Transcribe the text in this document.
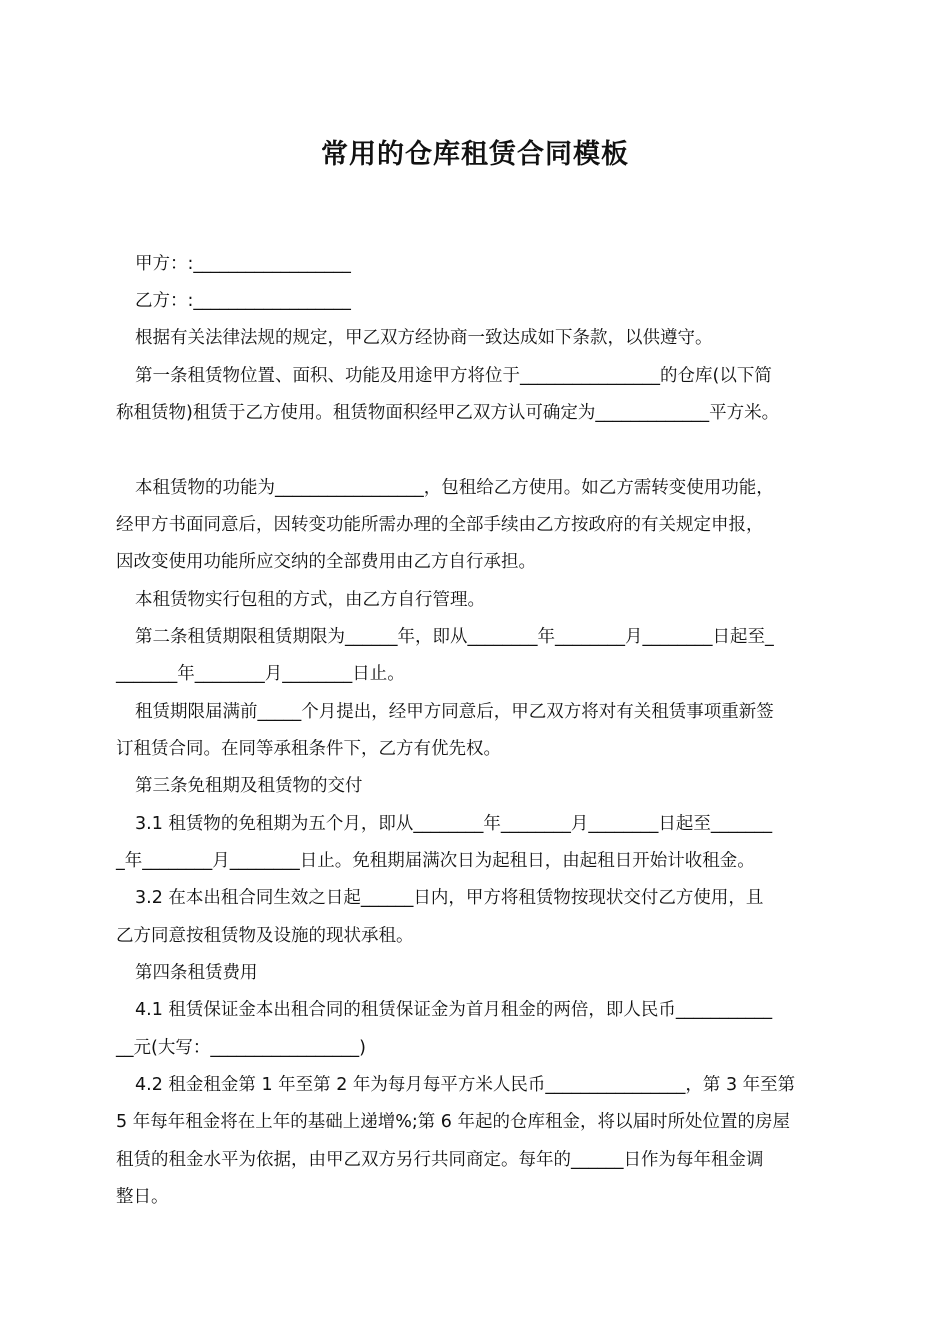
常用的仓库租赁合同模板
甲方：:__________________
乙方：:__________________
根据有关法律法规的规定，甲乙双方经协商一致达成如下条款，以供遵守。
第一条租赁物位置、面积、功能及用途甲方将位于________________的仓库(以下简
称租赁物)租赁于乙方使用。租赁物面积经甲乙双方认可确定为_____________平方米。
本租赁物的功能为_________________，包租给乙方使用。如乙方需转变使用功能，
经甲方书面同意后，因转变功能所需办理的全部手续由乙方按政府的有关规定申报，
因改变使用功能所应交纳的全部费用由乙方自行承担。
本租赁物实行包租的方式，由乙方自行管理。
第二条租赁期限租赁期限为______年，即从________年________月________日起至_
_______年________月________日止。
租赁期限届满前_____个月提出，经甲方同意后，甲乙双方将对有关租赁事项重新签
订租赁合同。在同等承租条件下，乙方有优先权。
第三条免租期及租赁物的交付
3.1 租赁物的免租期为五个月，即从________年________月________日起至_______
_年________月________日止。免租期届满次日为起租日，由起租日开始计收租金。
3.2 在本出租合同生效之日起______日内，甲方将租赁物按现状交付乙方使用，且
乙方同意按租赁物及设施的现状承租。
第四条租赁费用
4.1 租赁保证金本出租合同的租赁保证金为首月租金的两倍，即人民币___________
__元(大写：_________________)
4.2 租金租金第 1 年至第 2 年为每月每平方米人民币________________，第 3 年至第
5 年每年租金将在上年的基础上递增%;第 6 年起的仓库租金，将以届时所处位置的房屋
租赁的租金水平为依据，由甲乙双方另行共同商定。每年的______日作为每年租金调
整日。
